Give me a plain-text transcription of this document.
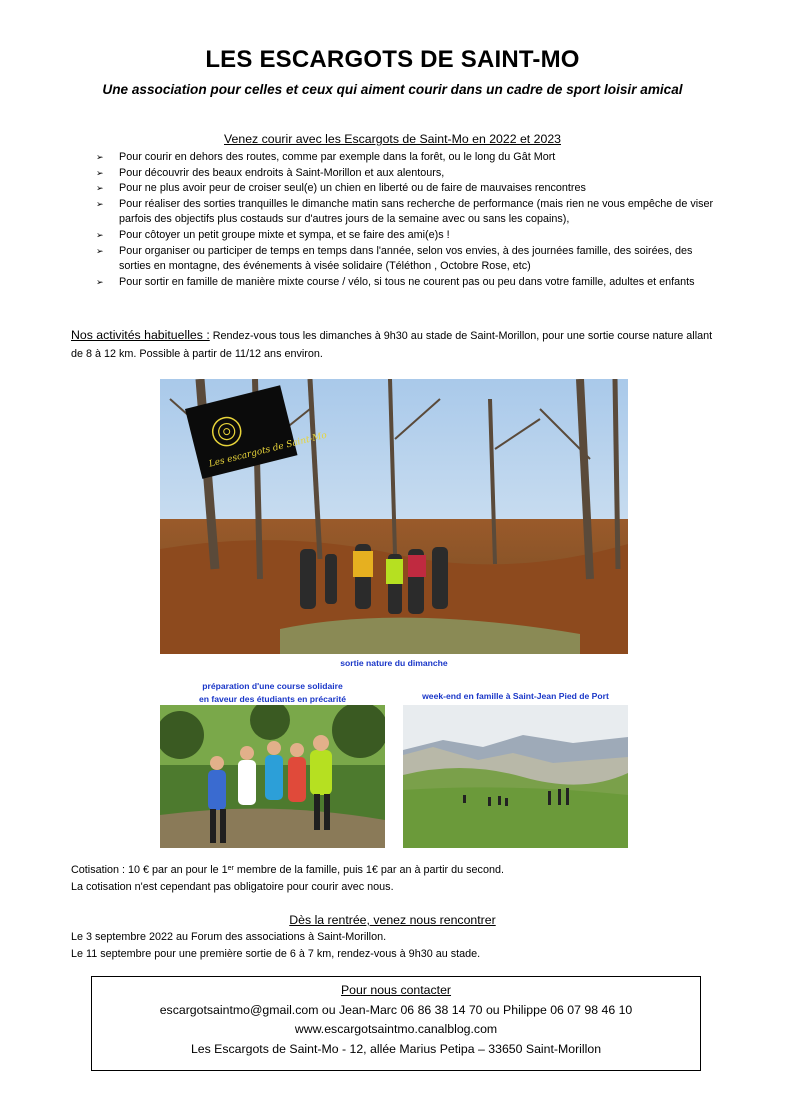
LES ESCARGOTS DE SAINT-MO
Une association pour celles et ceux qui aiment courir dans un cadre de sport loisir amical
Venez courir avec les Escargots de Saint-Mo en 2022 et 2023
➢ Pour courir en dehors des routes, comme par exemple dans la forêt, ou le long du Gât Mort
➢ Pour découvrir des beaux endroits à Saint-Morillon et aux alentours,
➢ Pour ne plus avoir peur de croiser seul(e) un chien en liberté ou de faire de mauvaises rencontres
➢ Pour réaliser des sorties tranquilles le dimanche matin sans recherche de performance (mais rien ne vous empêche de viser parfois des objectifs plus costauds sur d'autres jours de la semaine avec ou sans les copains),
➢ Pour côtoyer un petit groupe mixte et sympa, et se faire des ami(e)s !
➢ Pour organiser ou participer de temps en temps dans l'année, selon vos envies, à des journées famille, des soirées, des sorties en montagne, des événements à visée solidaire (Téléthon , Octobre Rose, etc)
➢ Pour sortir en famille de manière mixte course / vélo, si tous ne courent pas ou peu dans votre famille, adultes et enfants
Nos activités habituelles : Rendez-vous tous les dimanches à 9h30 au stade de Saint-Morillon, pour une sortie course nature allant de 8 à 12 km. Possible à partir de 11/12 ans environ.
Les escargots de Saint-Mo
sortie nature du dimanche
préparation d'une course solidaire
en faveur des étudiants en précarité	week-end en famille à Saint-Jean Pied de Port
Cotisation : 10 € par an pour le 1er membre de la famille, puis 1€ par an à partir du second.
La cotisation n'est cependant pas obligatoire pour courir avec nous.
Dès la rentrée, venez nous rencontrer
Le 3 septembre 2022 au Forum des associations à Saint-Morillon.
Le 11 septembre pour une première sortie de 6 à 7 km, rendez-vous à 9h30 au stade.
Pour nous contacter
escargotsaintmo@gmail.com ou Jean-Marc 06 86 38 14 70 ou Philippe 06 07 98 46 10
www.escargotsaintmo.canalblog.com
Les Escargots de Saint-Mo - 12, allée Marius Petipa – 33650 Saint-Morillon
